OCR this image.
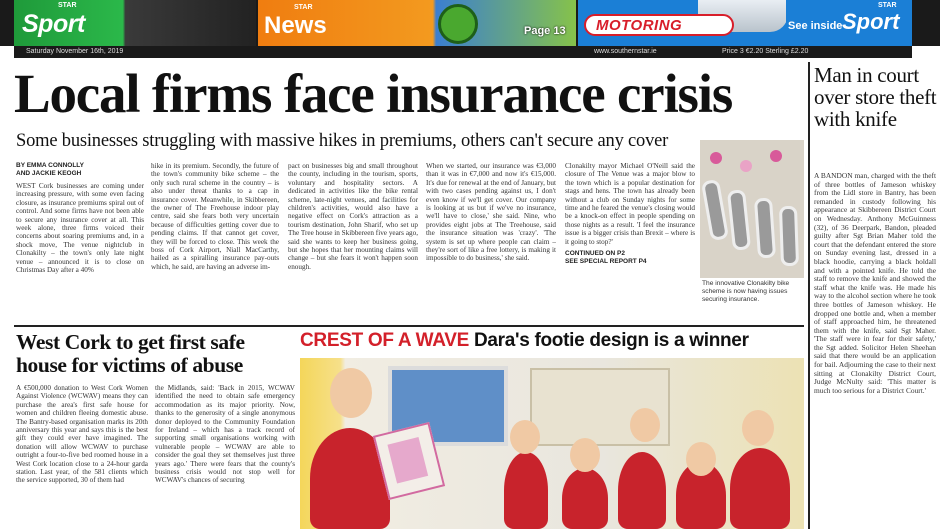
STAR
Sport
STAR
News	Page 13 MOTORING	See inside
STAR
Sport
Saturday November 16th, 2019	www.southernstar.ie	Price 3 €2.20 Sterling £2.20
Local firms face insurance crisis
Some businesses struggling with massive hikes in premiums, others can't secure any cover
BY EMMA CONNOLLY
AND JACKIE KEOGH
WEST Cork businesses are coming under increasing pressure, with some even facing closure, as insurance premiums spiral out of control. And some firms have not been able to secure any insurance cover at all. This week alone, three firms voiced their concerns about soaring premiums and, in a shock move, The venue nightclub in Clonakilty – the town's only late night venue – announced it is to close on Christmas Day after a 40%
hike in its premium. Secondly, the future of the town's community bike scheme – the only such rural scheme in the country – is also under threat thanks to a cap in insurance cover. Meanwhile, in Skibbereen, the owner of The Freehouse indoor play centre, said she fears both very uncertain because of difficulties getting cover due to pending claims. If that cannot get cover, they will be forced to close. This week the boss of Cork Airport, Niall MacCarthy, hailed as a spiralling insurance pay-outs which, he said, are having an adverse im-
pact on businesses big and small throughout the county, including in the tourism, sports, voluntary and hospitality sectors. A dedicated in activities like the bike rental scheme, late-night venues, and facilities for children's activities, would also have a negative effect on Cork's attraction as a tourism destination, John Sharif, who set up The Tree house in Skibbereen five years ago, said she wants to keep her business going, but she hopes that her mounting claims will change – but she fears it won't happen soon enough.
When we started, our insurance was €3,000 than it was in €7,000 and now it's €15,000. It's due for renewal at the end of January, but with two cases pending against us, I don't even know if we'll get cover. Our company is looking at us but if we've no insurance, we'll have to close,' she said. Nine, who provides eight jobs at The Treehouse, said the insurance situation was 'crazy'. 'The system is set up where people can claim – they're sort of like a free lottery, is making it impossible to do business,' she said.
Clonakilty mayor Michael O'Neill said the closure of The Venue was a major blow to the town which is a popular destination for stags and hens. The town has already been without a club on Sunday nights for some time and he feared the venue's closing would be a knock-on effect in people spending on those nights as a result. 'I feel the insurance issue is a bigger crisis than Brexit – where is it going to stop?'
CONTINUED ON P2
SEE SPECIAL REPORT P4
The innovative Clonakilty bike scheme is now having issues securing insurance.
Man in court over store theft with knife
A BANDON man, charged with the theft of three bottles of Jameson whiskey from the Lidl store in Bantry, has been remanded in custody following his appearance at Skibbereen District Court on Wednesday. Anthony McGuinness (32), of 36 Deerpark, Bandon, pleaded guilty after Sgt Brian Maher told the court that the defendant entered the store on Sunday evening last, dressed in a black hoodie, carrying a black holdall and with a pointed knife. He told the staff to remove the knife and showed the staff what the knife was. He made his way to the alcohol section where he took three bottles of Jameson whiskey. He dropped one bottle and, when a member of staff approached him, he threatened them with the knife, said Sgt Maher. 'The staff were in fear for their safety,' the Sgt added. Solicitor Helen Sheehan said that there would be an application for bail. Adjourning the case to their next sitting at Clonakilty District Court, Judge McNulty said: 'This matter is much too serious for a District Court.'
West Cork to get first safe house for victims of abuse
A €500,000 donation to West Cork Women Against Violence (WCWAV) means they can purchase the area's first safe house for women and children fleeing domestic abuse. The Bantry-based organisation marks its 20th anniversary this year and says this is the best gift they could ever have imagined. The donation will allow WCWAV to purchase outright a four-to-five bed roomed house in a West Cork location close to a 24-hour garda station. Last year, of the 581 clients which the service supported, 30 of them had
the Midlands, said: 'Back in 2015, WCWAV identified the need to obtain safe emergency accommodation as its major priority. Now, thanks to the generosity of a single anonymous donor deployed to the Community Foundation for Ireland – which has a track record of supporting small organisations working with vulnerable people – WCWAV are able to consider the goal they set themselves just three years ago.' There were fears that the county's business crisis would not stop well for WCWAV's chances of securing
CREST OF A WAVE Dara's footie design is a winner
